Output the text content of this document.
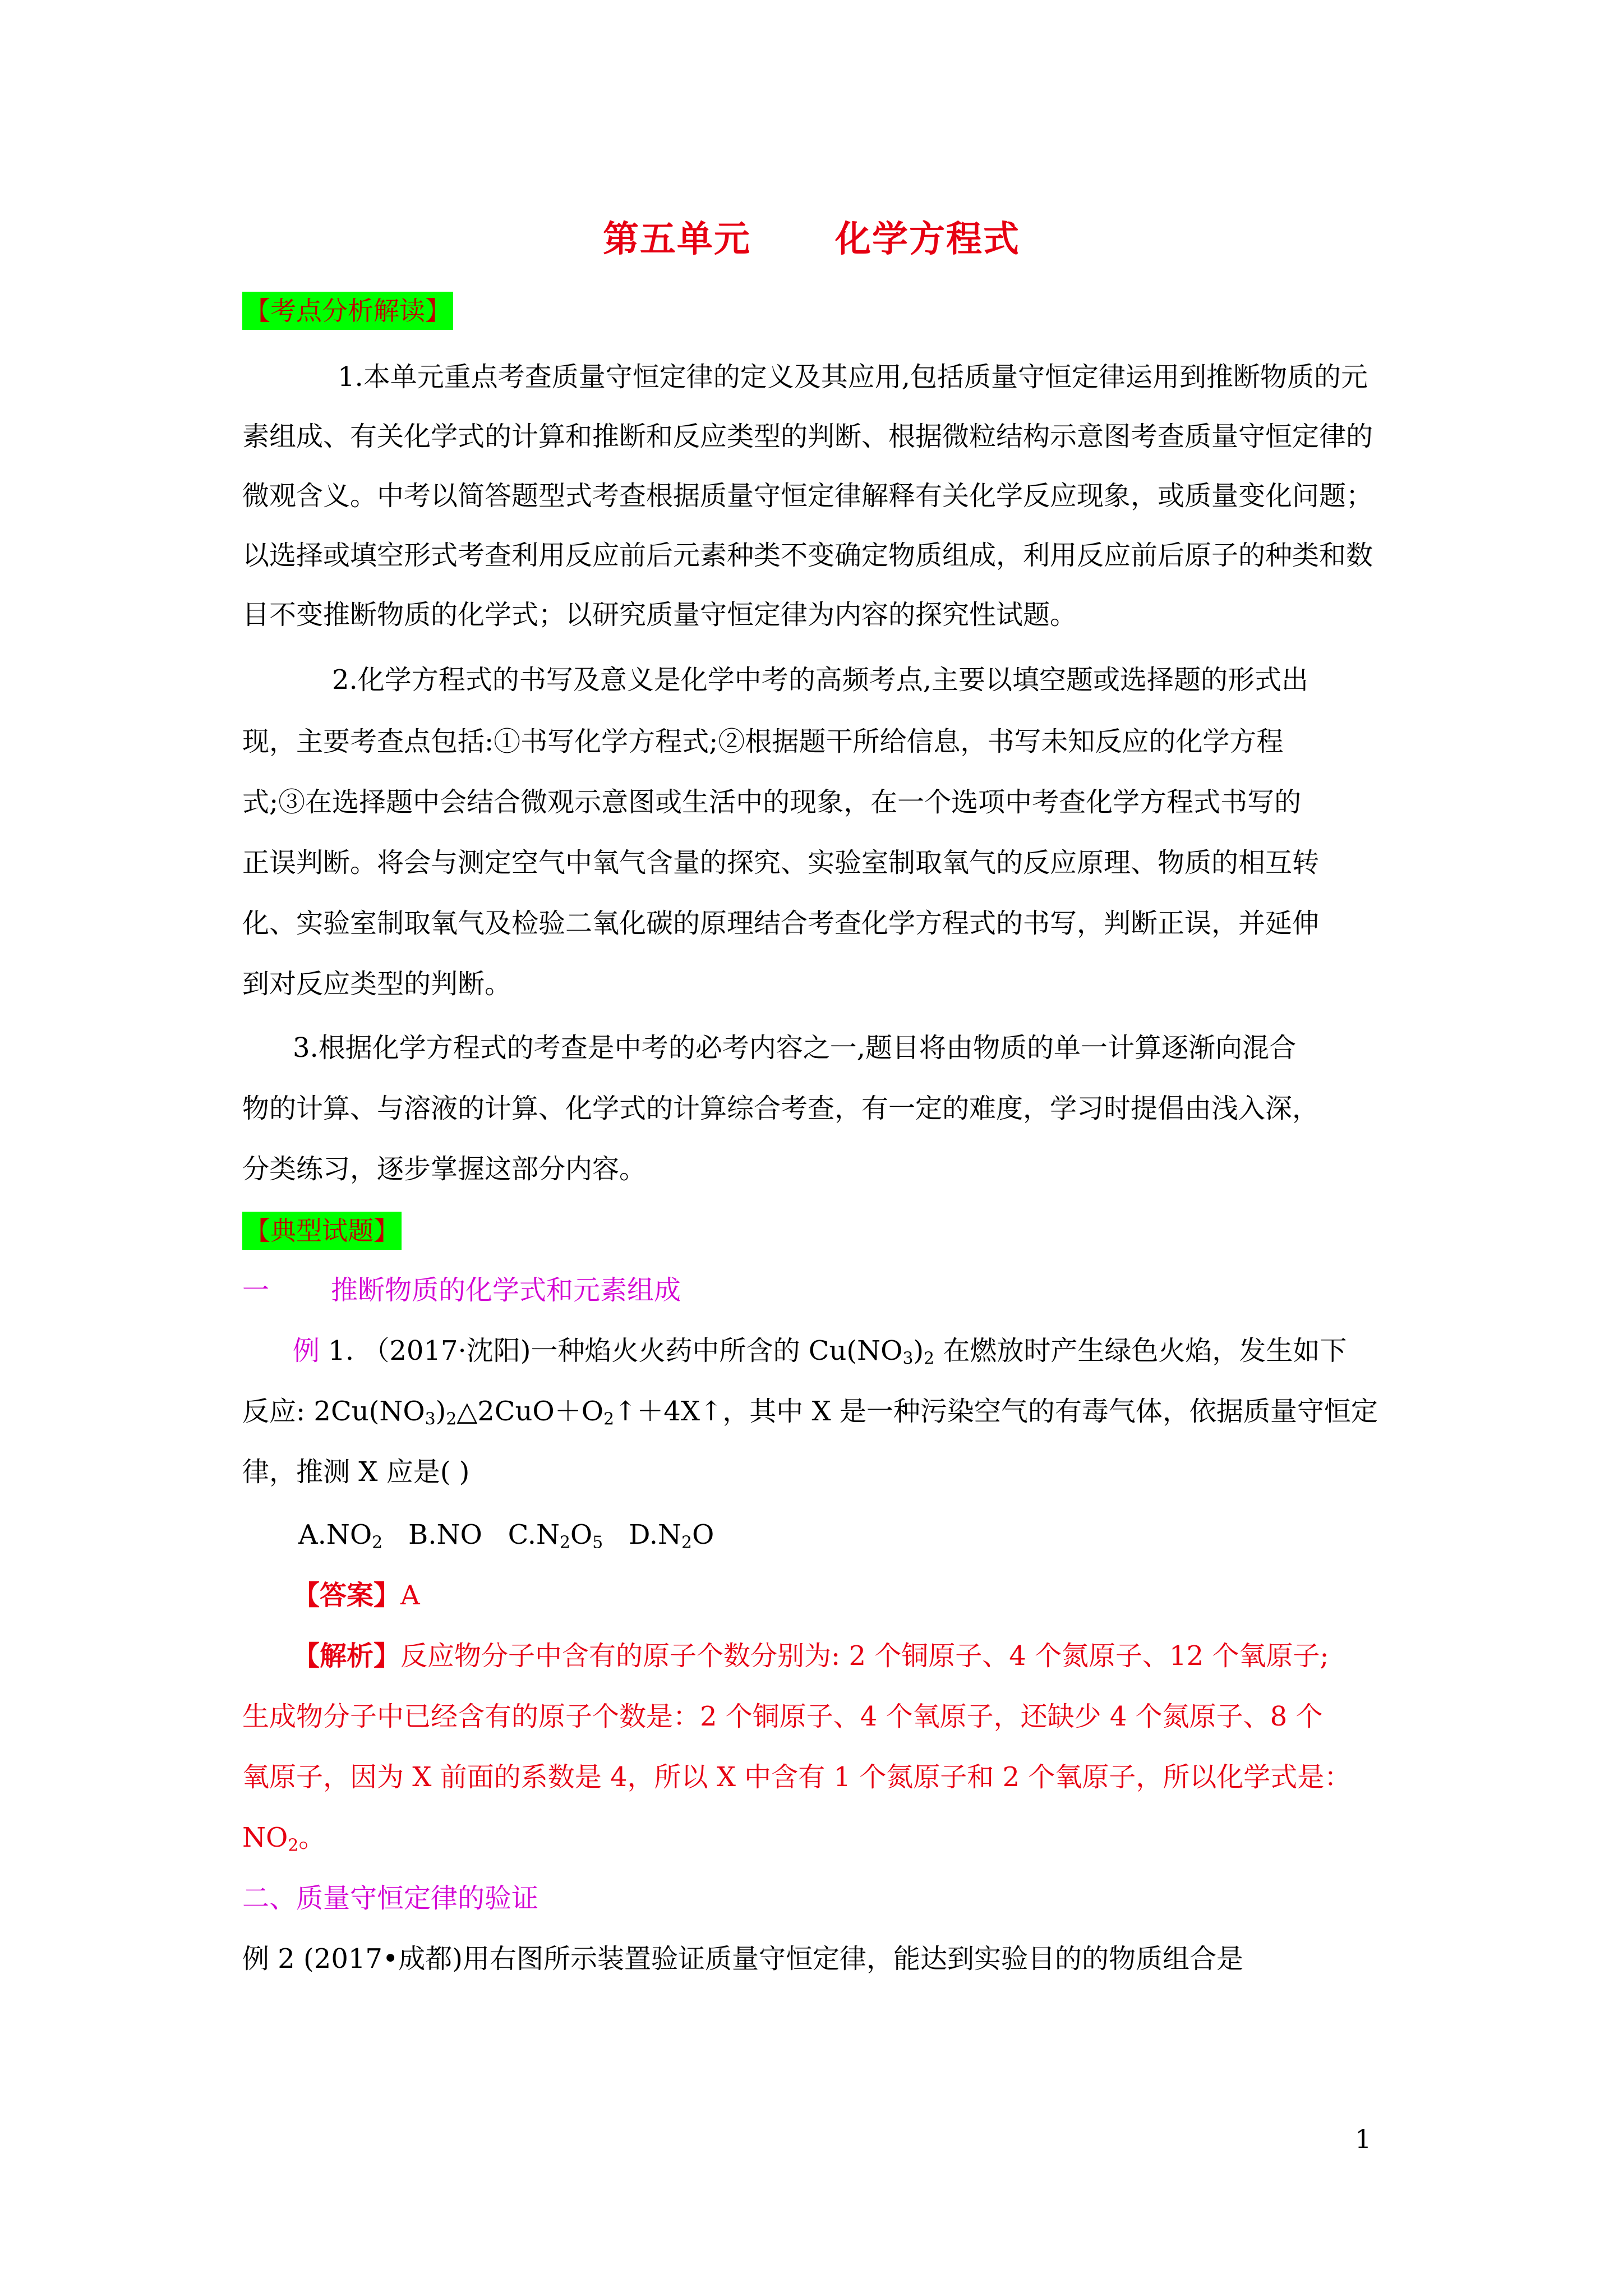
第五单元 化学方程式
【考点分析解读】
1.本单元重点考查质量守恒定律的定义及其应用,包括质量守恒定律运用到推断物质的元
素组成、有关化学式的计算和推断和反应类型的判断、根据微粒结构示意图考查质量守恒定律的
微观含义。中考以简答题型式考查根据质量守恒定律解释有关化学反应现象，或质量变化问题；
以选择或填空形式考查利用反应前后元素种类不变确定物质组成，利用反应前后原子的种类和数
目不变推断物质的化学式；以研究质量守恒定律为内容的探究性试题。
2.化学方程式的书写及意义是化学中考的高频考点,主要以填空题或选择题的形式出
现，主要考查点包括:①书写化学方程式;②根据题干所给信息，书写未知反应的化学方程
式;③在选择题中会结合微观示意图或生活中的现象，在一个选项中考查化学方程式书写的
正误判断。将会与测定空气中氧气含量的探究、实验室制取氧气的反应原理、物质的相互转
化、实验室制取氧气及检验二氧化碳的原理结合考查化学方程式的书写，判断正误，并延伸
到对反应类型的判断。
3.根据化学方程式的考查是中考的必考内容之一,题目将由物质的单一计算逐渐向混合
物的计算、与溶液的计算、化学式的计算综合考查，有一定的难度，学习时提倡由浅入深，
分类练习，逐步掌握这部分内容。
【典型试题】
一 推断物质的化学式和元素组成
例 1. （2017·沈阳)一种焰火火药中所含的 $Cu(NO_3)_2$ 在燃放时产生绿色火焰，发生如下
反应: $2Cu(NO_3)_2\triangle 2CuO+O_2↑+4X↑$，其中 X 是一种污染空气的有毒气体，依据质量守恒定
律，推测 X 应是( )
$A.NO_2$ B.NO $C.N_2O_5$ $D.N_2O$
【答案】A
【解析】反应物分子中含有的原子个数分别为: 2 个铜原子、4 个氮原子、12 个氧原子;
生成物分子中已经含有的原子个数是：2 个铜原子、4 个氧原子，还缺少 4 个氮原子、8 个
氧原子，因为 X 前面的系数是 4，所以 X 中含有 1 个氮原子和 2 个氧原子，所以化学式是：
$NO_2$。
二、质量守恒定律的验证
例 2 (2017•成都)用右图所示装置验证质量守恒定律，能达到实验目的的物质组合是
1
